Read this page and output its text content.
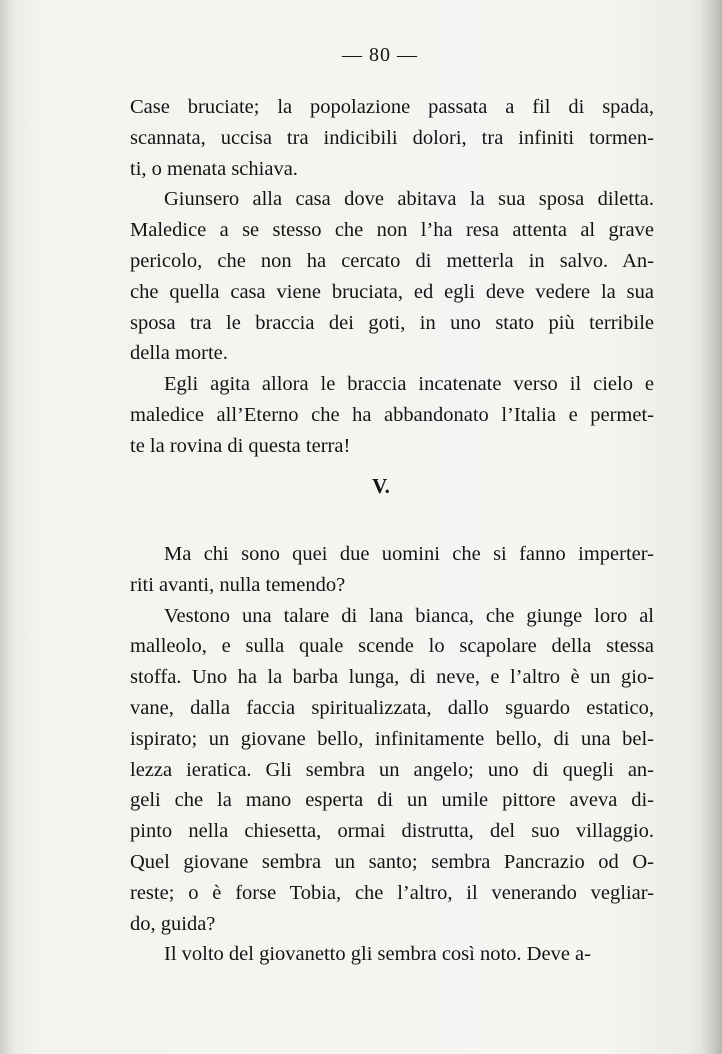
— 80 —
Case bruciate; la popolazione passata a fil di spada,
scannata, uccisa tra indicibili dolori, tra infiniti tormen-
ti, o menata schiava.
Giunsero alla casa dove abitava la sua sposa diletta.
Maledice a se stesso che non l’ha resa attenta al grave
pericolo, che non ha cercato di metterla in salvo. An-
che quella casa viene bruciata, ed egli deve vedere la sua
sposa tra le braccia dei goti, in uno stato più terribile
della morte.
Egli agita allora le braccia incatenate verso il cielo e
maledice all’Eterno che ha abbandonato l’Italia e permet-
te la rovina di questa terra!
V.
Ma chi sono quei due uomini che si fanno imperter-
riti avanti, nulla temendo?
Vestono una talare di lana bianca, che giunge loro al
malleolo, e sulla quale scende lo scapolare della stessa
stoffa. Uno ha la barba lunga, di neve, e l’altro è un gio-
vane, dalla faccia spiritualizzata, dallo sguardo estatico,
ispirato; un giovane bello, infinitamente bello, di una bel-
lezza ieratica. Gli sembra un angelo; uno di quegli an-
geli che la mano esperta di un umile pittore aveva di-
pinto nella chiesetta, ormai distrutta, del suo villaggio.
Quel giovane sembra un santo; sembra Pancrazio od O-
reste; o è forse Tobia, che l’altro, il venerando vegliar-
do, guida?
Il volto del giovanetto gli sembra così noto. Deve a-
